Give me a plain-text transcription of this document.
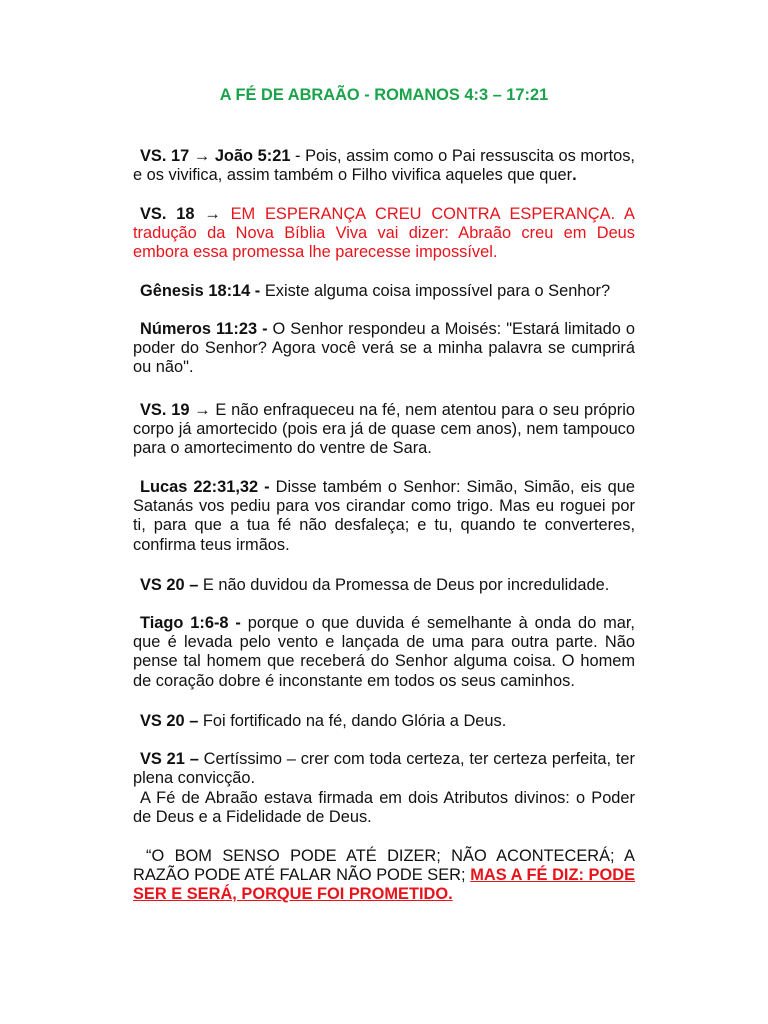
A FÉ DE ABRAÃO - ROMANOS 4:3 – 17:21
VS. 17 → João 5:21 - Pois, assim como o Pai ressuscita os mortos, e os vivifica, assim também o Filho vivifica aqueles que quer.
VS. 18 → EM ESPERANÇA CREU CONTRA ESPERANÇA. A tradução da Nova Bíblia Viva vai dizer: Abraão creu em Deus embora essa promessa lhe parecesse impossível.
Gênesis 18:14 - Existe alguma coisa impossível para o Senhor?
Números 11:23 - O Senhor respondeu a Moisés: "Estará limitado o poder do Senhor? Agora você verá se a minha palavra se cumprirá ou não".
VS. 19 → E não enfraqueceu na fé, nem atentou para o seu próprio corpo já amortecido (pois era já de quase cem anos), nem tampouco para o amortecimento do ventre de Sara.
Lucas 22:31,32 - Disse também o Senhor: Simão, Simão, eis que Satanás vos pediu para vos cirandar como trigo. Mas eu roguei por ti, para que a tua fé não desfaleça; e tu, quando te converteres, confirma teus irmãos.
VS 20 – E não duvidou da Promessa de Deus por incredulidade.
Tiago 1:6-8 - porque o que duvida é semelhante à onda do mar, que é levada pelo vento e lançada de uma para outra parte. Não pense tal homem que receberá do Senhor alguma coisa. O homem de coração dobre é inconstante em todos os seus caminhos.
VS 20 – Foi fortificado na fé, dando Glória a Deus.
VS 21 – Certíssimo – crer com toda certeza, ter certeza perfeita, ter plena convicção.
A Fé de Abraão estava firmada em dois Atributos divinos: o Poder de Deus e a Fidelidade de Deus.
“O BOM SENSO PODE ATÉ DIZER; NÃO ACONTECERÁ; A RAZÃO PODE ATÉ FALAR NÃO PODE SER; MAS A FÉ DIZ: PODE SER E SERÁ, PORQUE FOI PROMETIDO.
